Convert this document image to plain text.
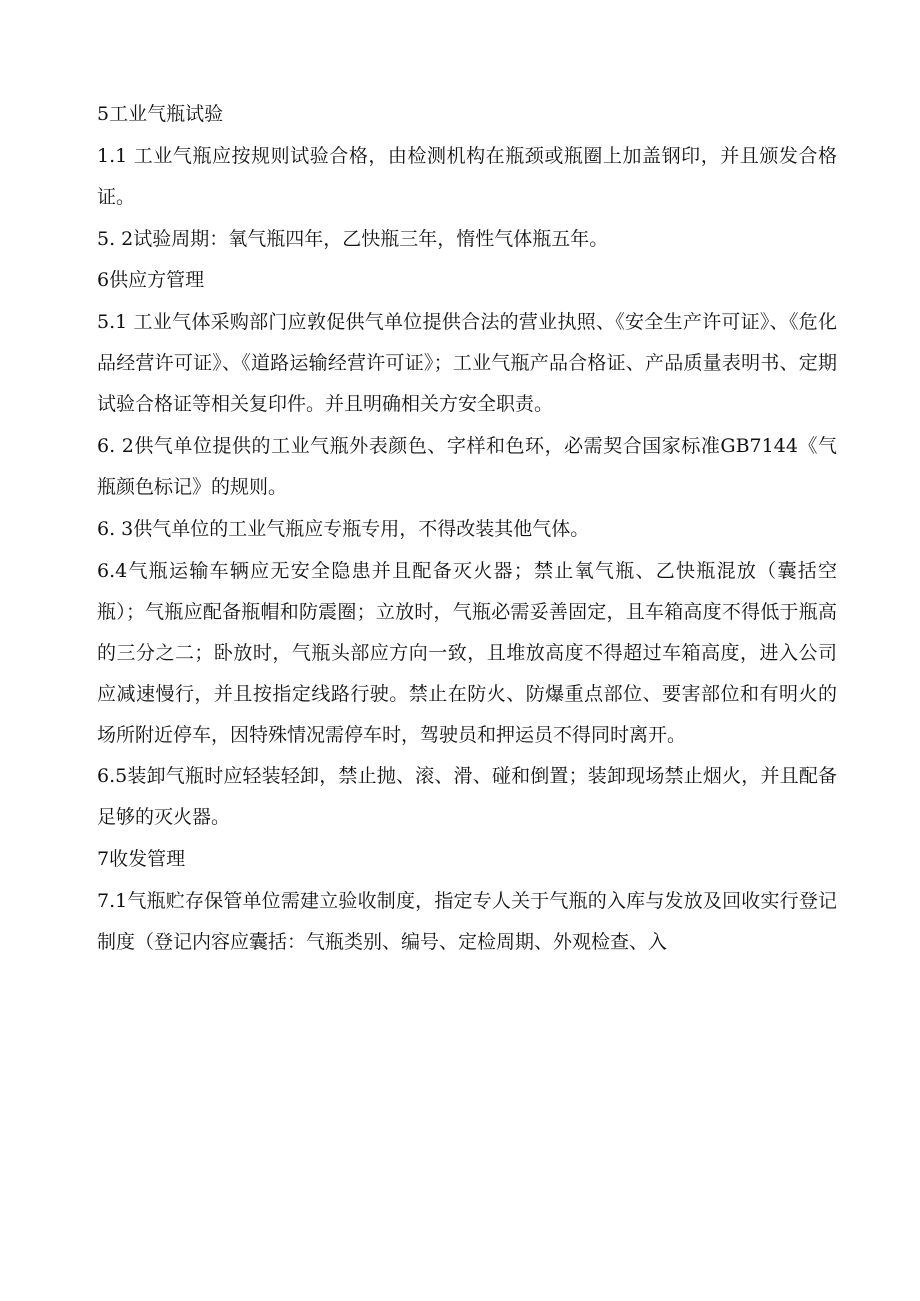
5工业气瓶试验

1.1 工业气瓶应按规则试验合格，由检测机构在瓶颈或瓶圈上加盖钢印，并且颁发合格证。

5. 2试验周期：氧气瓶四年，乙快瓶三年，惰性气体瓶五年。

6供应方管理

5.1 工业气体采购部门应敦促供气单位提供合法的营业执照、《安全生产许可证》、《危化品经营许可证》、《道路运输经营许可证》；工业气瓶产品合格证、产品质量表明书、定期试验合格证等相关复印件。并且明确相关方安全职责。

6. 2供气单位提供的工业气瓶外表颜色、字样和色环，必需契合国家标准GB7144《气瓶颜色标记》的规则。

6. 3供气单位的工业气瓶应专瓶专用，不得改装其他气体。

6.4气瓶运输车辆应无安全隐患并且配备灭火器；禁止氧气瓶、乙快瓶混放（囊括空瓶）；气瓶应配备瓶帽和防震圈；立放时，气瓶必需妥善固定，且车箱高度不得低于瓶高的三分之二；卧放时，气瓶头部应方向一致，且堆放高度不得超过车箱高度，进入公司应减速慢行，并且按指定线路行驶。禁止在防火、防爆重点部位、要害部位和有明火的场所附近停车，因特殊情况需停车时，驾驶员和押运员不得同时离开。

6.5装卸气瓶时应轻装轻卸，禁止抛、滚、滑、碰和倒置；装卸现场禁止烟火，并且配备足够的灭火器。

7收发管理

7.1气瓶贮存保管单位需建立验收制度，指定专人关于气瓶的入库与发放及回收实行登记制度（登记内容应囊括：气瓶类别、编号、定检周期、外观检查、入
